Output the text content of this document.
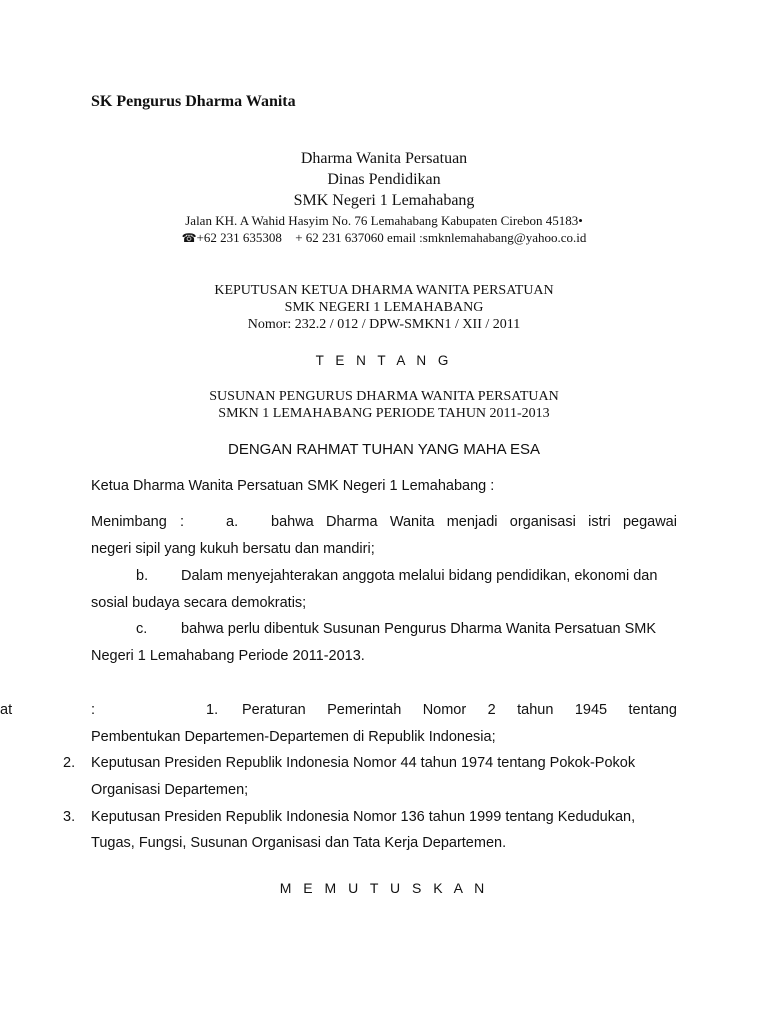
SK Pengurus Dharma Wanita
Dharma Wanita Persatuan
Dinas Pendidikan
SMK Negeri 1 Lemahabang
Jalan KH. A Wahid Hasyim No. 76 Lemahabang Kabupaten Cirebon 45183•
☎+62 231 635308  + 62 231 637060 email :smknlemahabang@yahoo.co.id
KEPUTUSAN KETUA DHARMA WANITA PERSATUAN
SMK NEGERI 1 LEMAHABANG
Nomor: 232.2 / 012 / DPW-SMKN1 / XII / 2011
T E N T A N G
SUSUNAN PENGURUS DHARMA WANITA PERSATUAN
SMKN 1 LEMAHABANG PERIODE TAHUN 2011-2013
DENGAN RAHMAT TUHAN YANG MAHA ESA
Ketua Dharma Wanita Persatuan SMK Negeri 1 Lemahabang :
Menimbang :	a. bahwa Dharma Wanita menjadi organisasi istri pegawai
negeri sipil yang kukuh bersatu dan mandiri;
b. Dalam menyejahterakan anggota melalui bidang pendidikan, ekonomi dan
sosial budaya secara demokratis;
c. bahwa perlu dibentuk Susunan Pengurus Dharma Wanita Persatuan SMK
Negeri 1 Lemahabang Periode 2011-2013.
at	:	1. Peraturan Pemerintah Nomor 2 tahun 1945 tentang
Pembentukan Departemen-Departemen di Republik Indonesia;
2. Keputusan Presiden Republik Indonesia Nomor 44 tahun 1974 tentang Pokok-Pokok
Organisasi Departemen;
3. Keputusan Presiden Republik Indonesia Nomor 136 tahun 1999 tentang Kedudukan,
Tugas, Fungsi, Susunan Organisasi dan Tata Kerja Departemen.
M E M U T U S K A N
